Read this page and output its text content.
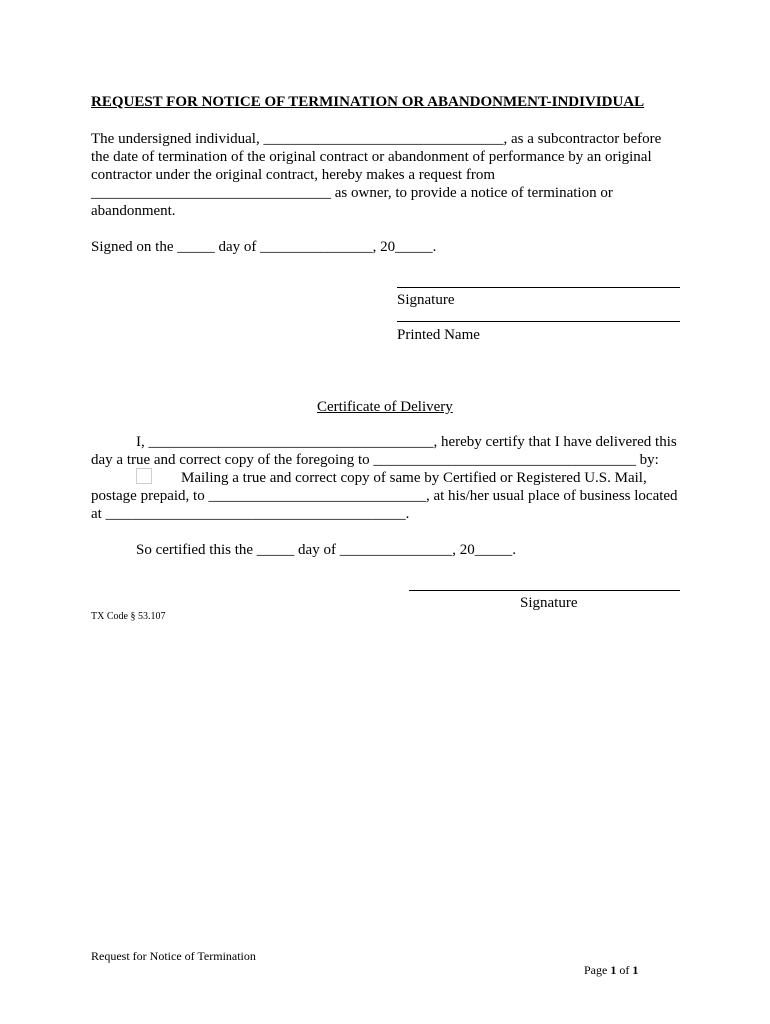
REQUEST FOR NOTICE OF TERMINATION OR ABANDONMENT-INDIVIDUAL
The undersigned individual, ________________________________, as a subcontractor before
the date of termination of the original contract or abandonment of performance by an original
contractor under the original contract, hereby makes a request from
________________________________ as owner, to provide a notice of termination or
abandonment.
Signed on the _____ day of _______________, 20_____.
Signature
Printed Name
Certificate of Delivery
I, ______________________________________, hereby certify that I have delivered this
day a true and correct copy of the foregoing to ___________________________________ by:
Mailing a true and correct copy of same by Certified or Registered U.S. Mail,
postage prepaid, to _____________________________, at his/her usual place of business located
at ________________________________________.
So certified this the _____ day of _______________, 20_____.
Signature
TX Code § 53.107
Request for Notice of Termination

Page 1 of 1
